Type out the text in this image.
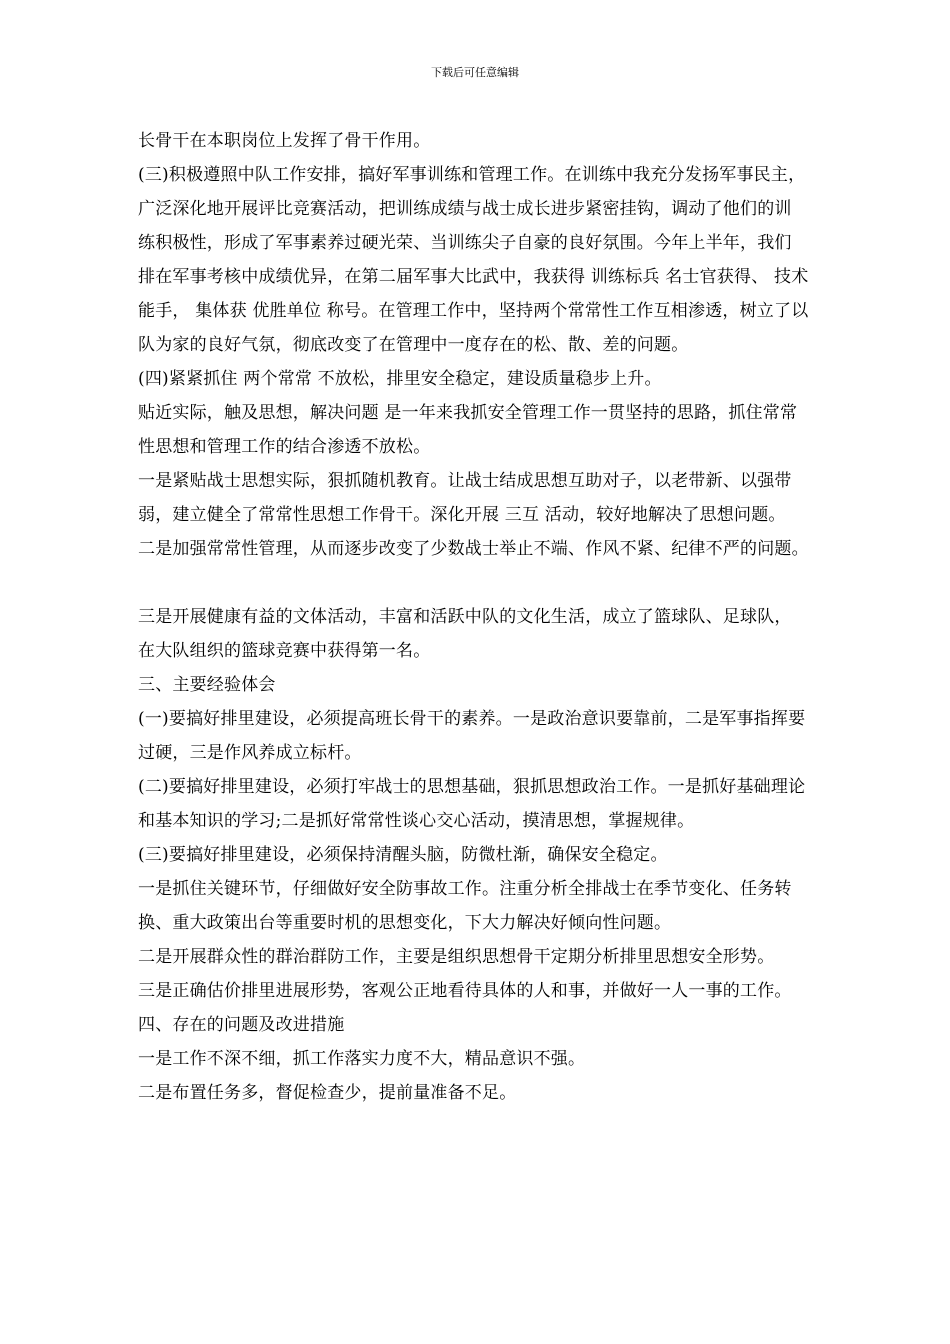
下载后可任意编辑
长骨干在本职岗位上发挥了骨干作用。
(三)积极遵照中队工作安排，搞好军事训练和管理工作。在训练中我充分发扬军事民主，
广泛深化地开展评比竞赛活动，把训练成绩与战士成长进步紧密挂钩，调动了他们的训
练积极性，形成了军事素养过硬光荣、当训练尖子自豪的良好氛围。今年上半年，我们
排在军事考核中成绩优异，在第二届军事大比武中，我获得 训练标兵 名士官获得、 技术
能手， 集体获 优胜单位 称号。在管理工作中，坚持两个常常性工作互相渗透，树立了以
队为家的良好气氛，彻底改变了在管理中一度存在的松、散、差的问题。
(四)紧紧抓住 两个常常 不放松，排里安全稳定，建设质量稳步上升。
贴近实际，触及思想，解决问题 是一年来我抓安全管理工作一贯坚持的思路，抓住常常
性思想和管理工作的结合渗透不放松。
一是紧贴战士思想实际，狠抓随机教育。让战士结成思想互助对子，以老带新、以强带
弱，建立健全了常常性思想工作骨干。深化开展 三互 活动，较好地解决了思想问题。
二是加强常常性管理，从而逐步改变了少数战士举止不端、作风不紧、纪律不严的问题。
三是开展健康有益的文体活动，丰富和活跃中队的文化生活，成立了篮球队、足球队，
在大队组织的篮球竞赛中获得第一名。
三、主要经验体会
(一)要搞好排里建设，必须提高班长骨干的素养。一是政治意识要靠前，二是军事指挥要
过硬，三是作风养成立标杆。
(二)要搞好排里建设，必须打牢战士的思想基础，狠抓思想政治工作。一是抓好基础理论
和基本知识的学习;二是抓好常常性谈心交心活动，摸清思想，掌握规律。
(三)要搞好排里建设，必须保持清醒头脑，防微杜渐，确保安全稳定。
一是抓住关键环节，仔细做好安全防事故工作。注重分析全排战士在季节变化、任务转
换、重大政策出台等重要时机的思想变化，下大力解决好倾向性问题。
二是开展群众性的群治群防工作，主要是组织思想骨干定期分析排里思想安全形势。
三是正确估价排里进展形势，客观公正地看待具体的人和事，并做好一人一事的工作。
四、存在的问题及改进措施
一是工作不深不细，抓工作落实力度不大，精品意识不强。
二是布置任务多，督促检查少，提前量准备不足。
